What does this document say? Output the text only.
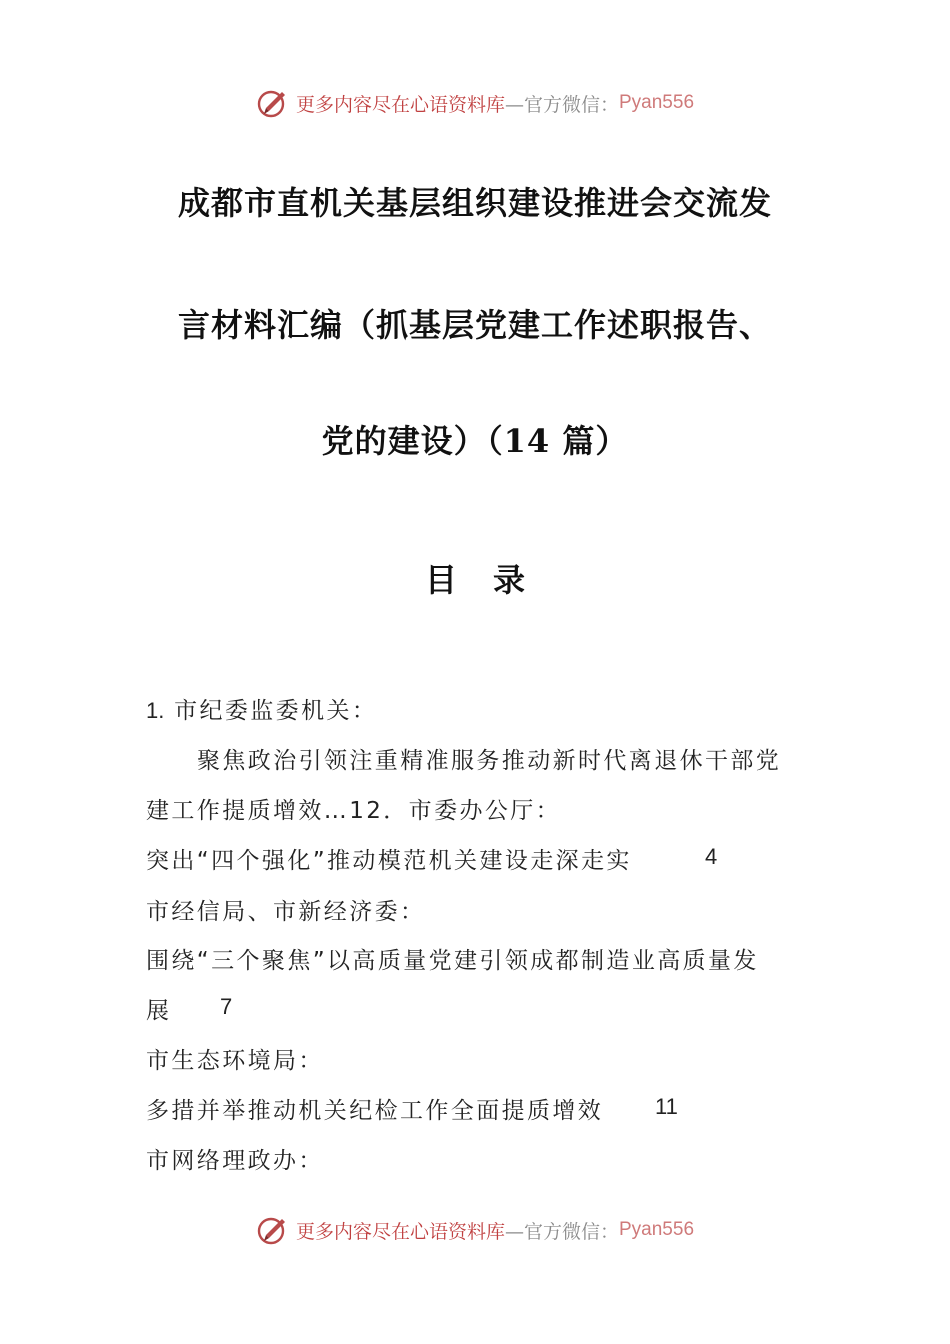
更多内容尽在心语资料库 —官方微信： Pyan556
成都市直机关基层组织建设推进会交流发
言材料汇编（抓基层党建工作述职报告、
党的建设）（14 篇）
目录
1. 市纪委监委机关：
聚焦政治引领注重精准服务推动新时代离退休干部党
建工作提质增效…12．市委办公厅：
突出“四个强化”推动模范机关建设走深走实	4
市经信局、市新经济委：
围绕“三个聚焦”以高质量党建引领成都制造业高质量发
展 7
市生态环境局：
多措并举推动机关纪检工作全面提质增效 11
市网络理政办：
更多内容尽在心语资料库 —官方微信： Pyan556
